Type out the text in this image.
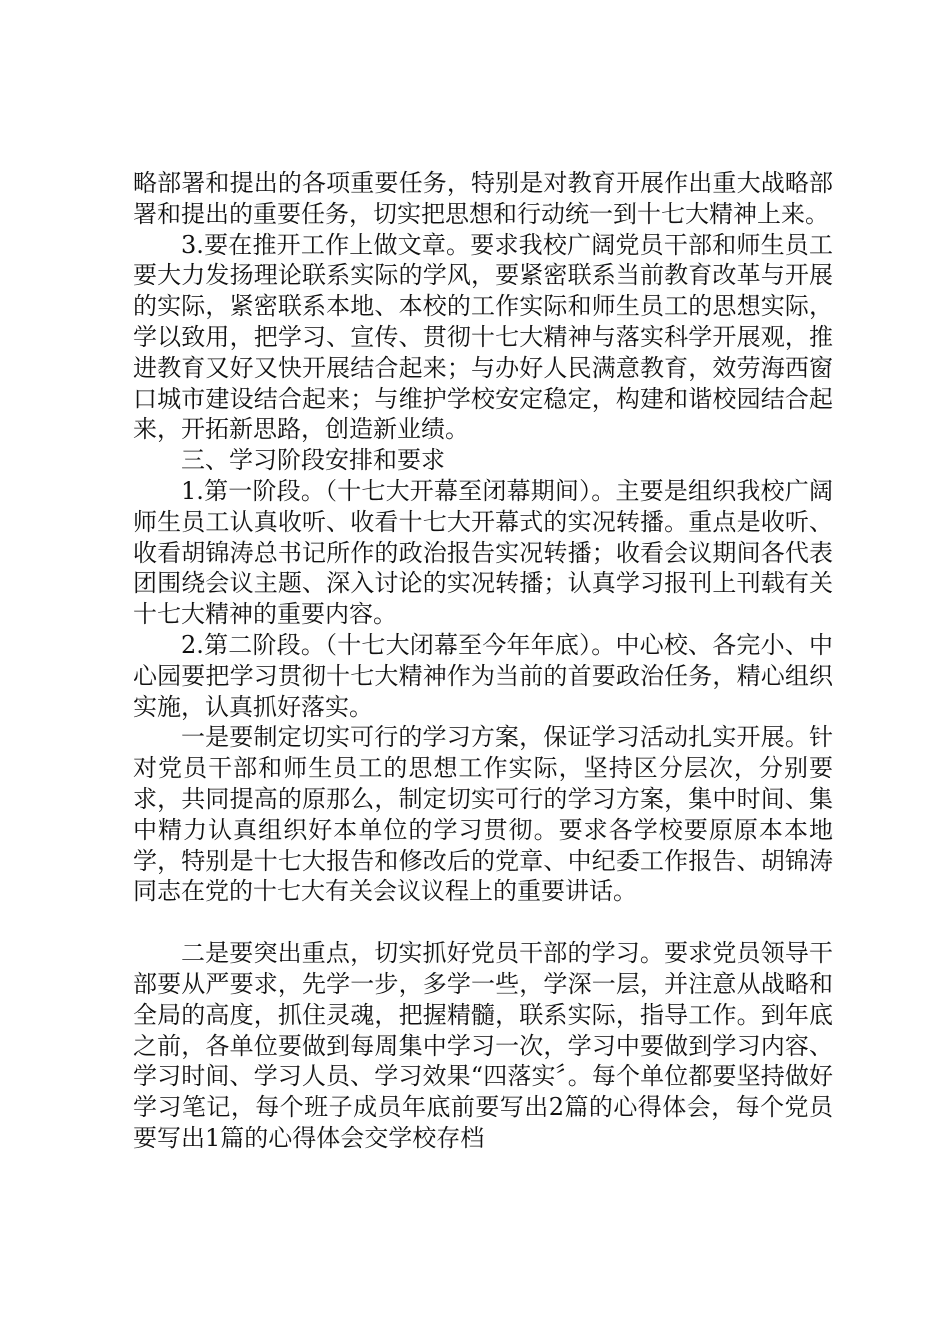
略部署和提出的各项重要任务，特别是对教育开展作出重大战略部署和提出的重要任务，切实把思想和行动统一到十七大精神上来。

3.要在推开工作上做文章。要求我校广阔党员干部和师生员工要大力发扬理论联系实际的学风，要紧密联系当前教育改革与开展的实际，紧密联系本地、本校的工作实际和师生员工的思想实际，学以致用，把学习、宣传、贯彻十七大精神与落实科学开展观，推进教育又好又快开展结合起来；与办好人民满意教育，效劳海西窗口城市建设结合起来；与维护学校安定稳定，构建和谐校园结合起来，开拓新思路，创造新业绩。

三、学习阶段安排和要求

1.第一阶段。（十七大开幕至闭幕期间）。主要是组织我校广阔师生员工认真收听、收看十七大开幕式的实况转播。重点是收听、收看胡锦涛总书记所作的政治报告实况转播；收看会议期间各代表团围绕会议主题、深入讨论的实况转播；认真学习报刊上刊载有关十七大精神的重要内容。

2.第二阶段。（十七大闭幕至今年年底）。中心校、各完小、中心园要把学习贯彻十七大精神作为当前的首要政治任务，精心组织实施，认真抓好落实。

一是要制定切实可行的学习方案，保证学习活动扎实开展。针对党员干部和师生员工的思想工作实际，坚持区分层次，分别要求，共同提高的原那么，制定切实可行的学习方案，集中时间、集中精力认真组织好本单位的学习贯彻。要求各学校要原原本本地学，特别是十七大报告和修改后的党章、中纪委工作报告、胡锦涛同志在党的十七大有关会议议程上的重要讲话。

二是要突出重点，切实抓好党员干部的学习。要求党员领导干部要从严要求，先学一步，多学一些，学深一层，并注意从战略和全局的高度，抓住灵魂，把握精髓，联系实际，指导工作。到年底之前，各单位要做到每周集中学习一次，学习中要做到学习内容、学习时间、学习人员、学习效果“四落实〞。每个单位都要坚持做好学习笔记，每个班子成员年底前要写出2篇的心得体会，每个党员要写出1篇的心得体会交学校存档
